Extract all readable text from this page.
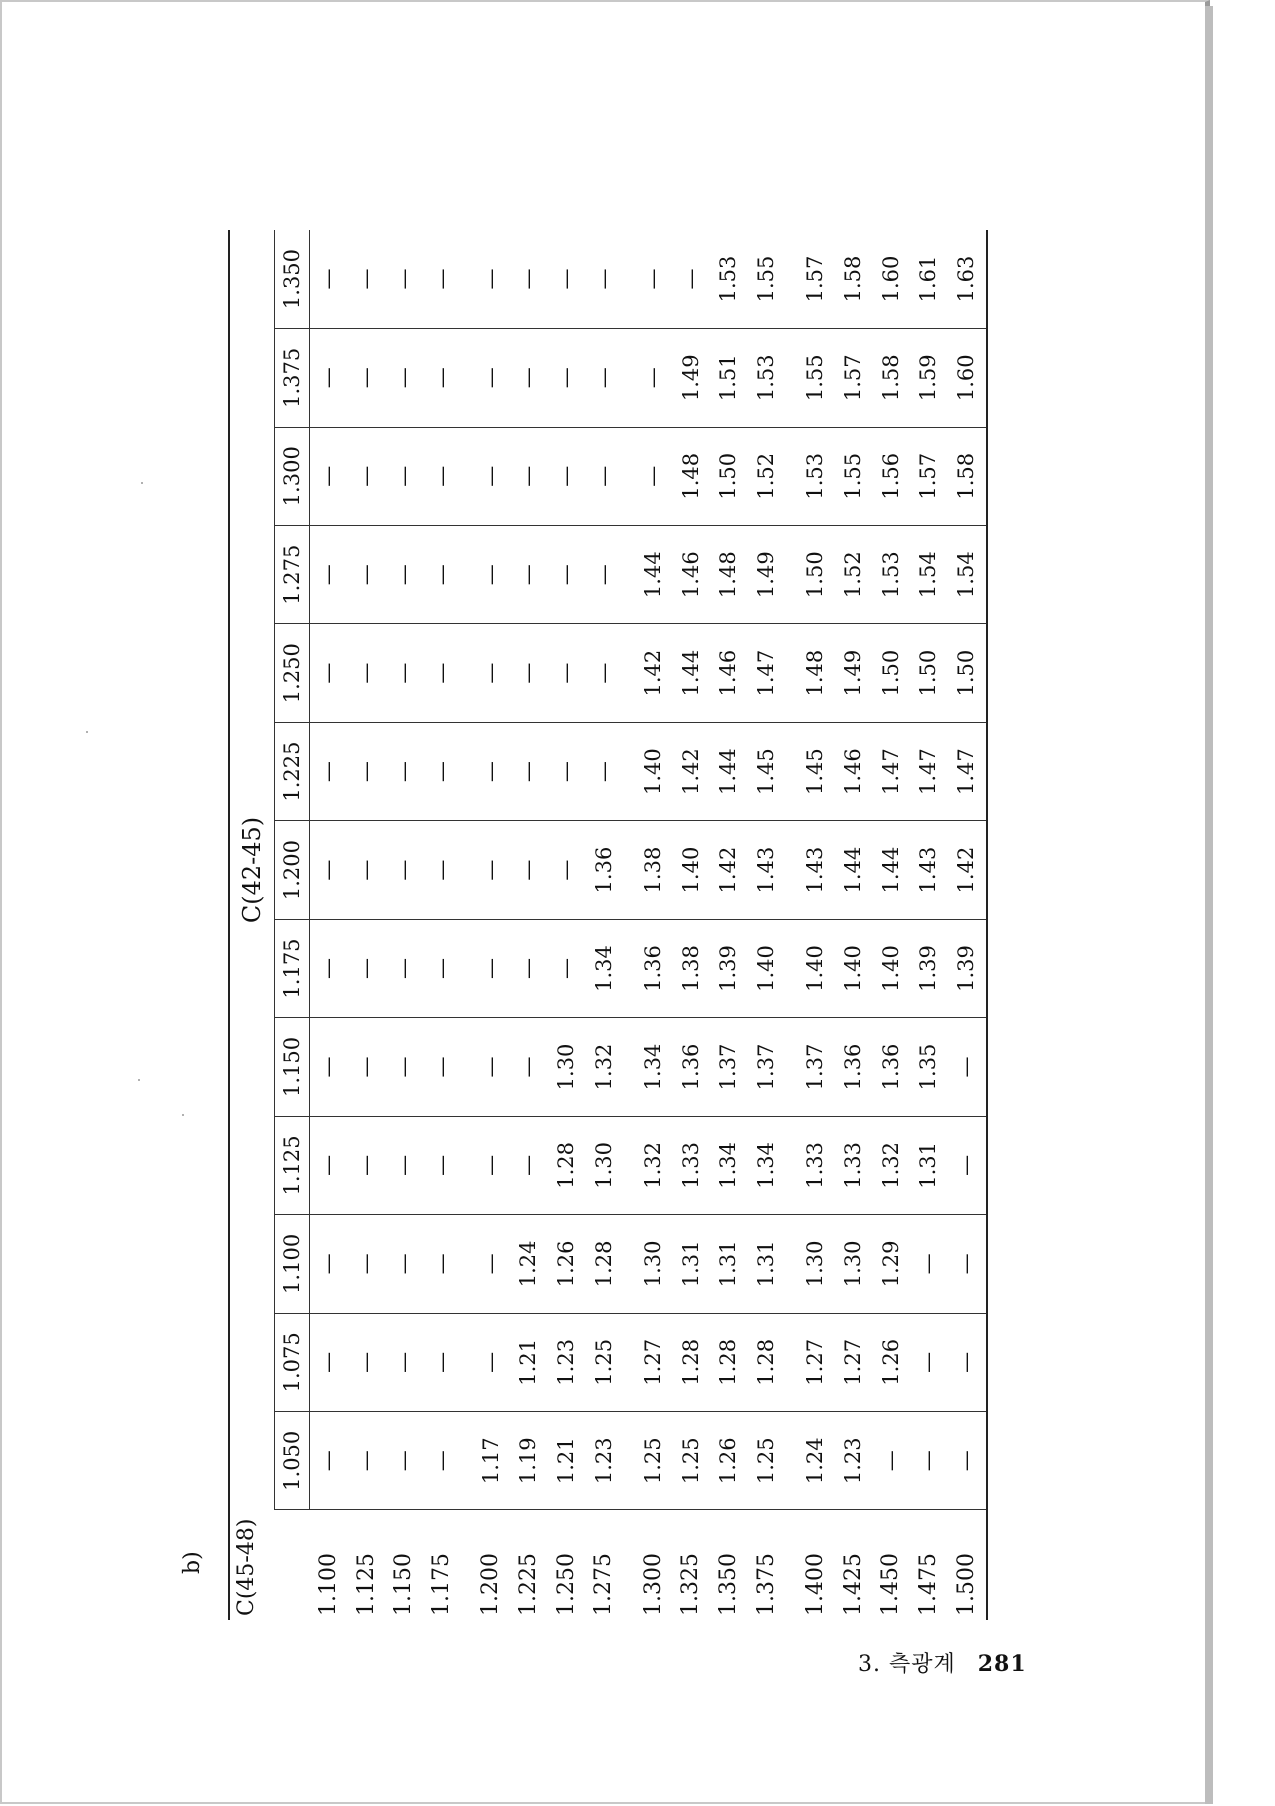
b) C(45-48)	C(42-45)												
	1.050	1.075	1.100	1.125	1.150	1.175	1.200	1.225	1.250	1.275	1.300	1.375	1.350
1.100	—	—	—	—	—	—	—	—	—	—	—	—	—
1.125	—	—	—	—	—	—	—	—	—	—	—	—	—
1.150	—	—	—	—	—	—	—	—	—	—	—	—	—
1.175	—	—	—	—	—	—	—	—	—	—	—	—	—

1.200	1.17	—	—	—	—	—	—	—	—	—	—	—	—
1.225	1.19	1.21	1.24	—	—	—	—	—	—	—	—	—	—
1.250	1.21	1.23	1.26	1.28	1.30	—	—	—	—	—	—	—	—
1.275	1.23	1.25	1.28	1.30	1.32	1.34	1.36	—	—	—	—	—	—

1.300	1.25	1.27	1.30	1.32	1.34	1.36	1.38	1.40	1.42	1.44	—	—	—
1.325	1.25	1.28	1.31	1.33	1.36	1.38	1.40	1.42	1.44	1.46	1.48	1.49	—
1.350	1.26	1.28	1.31	1.34	1.37	1.39	1.42	1.44	1.46	1.48	1.50	1.51	1.53
1.375	1.25	1.28	1.31	1.34	1.37	1.40	1.43	1.45	1.47	1.49	1.52	1.53	1.55

1.400	1.24	1.27	1.30	1.33	1.37	1.40	1.43	1.45	1.48	1.50	1.53	1.55	1.57
1.425	1.23	1.27	1.30	1.33	1.36	1.40	1.44	1.46	1.49	1.52	1.55	1.57	1.58
1.450	—	1.26	1.29	1.32	1.36	1.40	1.44	1.47	1.50	1.53	1.56	1.58	1.60
1.475	—	—	—	1.31	1.35	1.39	1.43	1.47	1.50	1.54	1.57	1.59	1.61
1.500	—	—	—	—	—	1.39	1.42	1.47	1.50	1.54	1.58	1.60	1.63
3. 측광계 281
